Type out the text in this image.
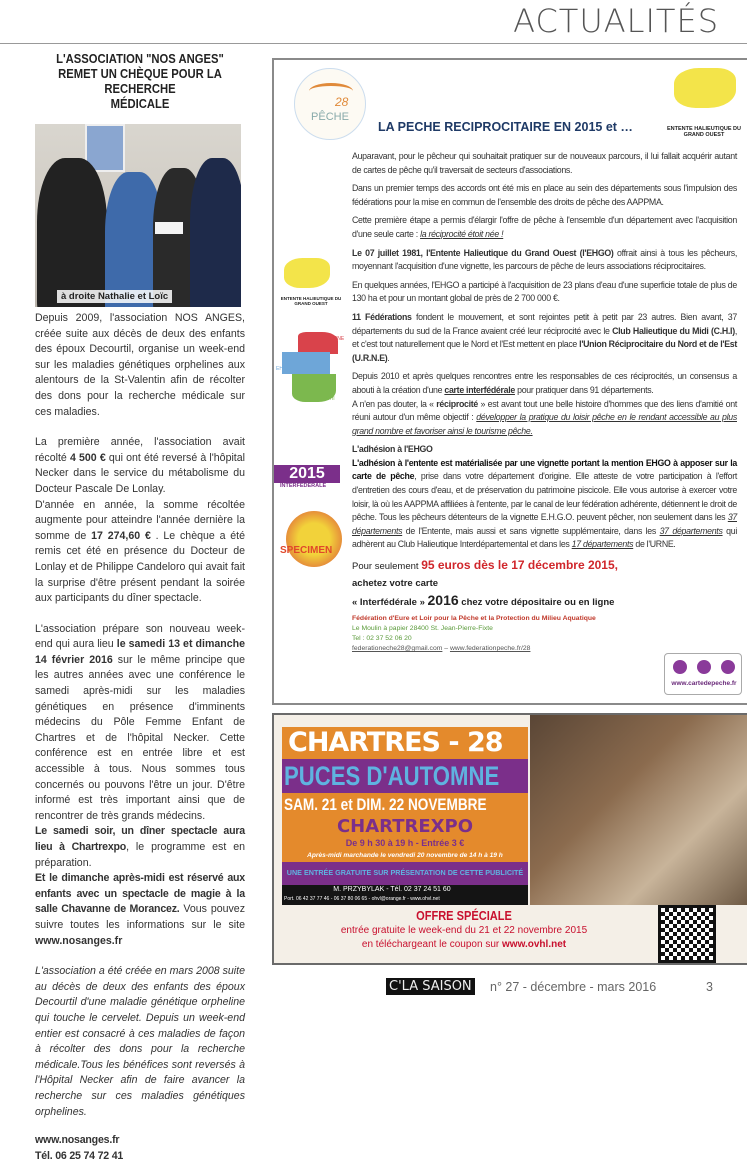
ACTUALITÉS
L'ASSOCIATION "NOS ANGES"
REMET UN CHÈQUE POUR LA RECHERCHE
MÉDICALE
à droite Nathalie et Loïc

Depuis 2009, l'association NOS ANGES, créée suite aux décès de deux des enfants des époux Decourtil, organise un week-end sur les maladies génétiques orphelines aux alentours de la St-Valentin afin de récolter des dons pour la recherche médicale sur ces maladies.

La première année, l'association avait récolté 4 500 € qui ont été reversé à l'hôpital Necker dans le service du métabolisme du Docteur Pascale De Lonlay.

D'année en année, la somme récoltée augmente pour atteindre l'année dernière la somme de 17 274,60 € . Le chèque a été remis cet été en présence du Docteur de Lonlay et de Philippe Candeloro qui avait fait la surprise d'être présent pendant la soirée aux participants du dîner spectacle.

L'association prépare son nouveau week-end qui aura lieu le samedi 13 et dimanche 14 février 2016 sur le même principe que les autres années avec une conférence le samedi après-midi sur les maladies génétiques en présence d'imminents médecins du Pôle Femme Enfant de Chartres et de l'hôpital Necker. Cette conférence est en entrée libre et est accessible à tous. Nous sommes tous concernés ou pouvons l'être un jour. D'être informé est très important ainsi que de rencontrer de très grands médecins.

Le samedi soir, un dîner spectacle aura lieu à Chartrexpo, le programme est en préparation.

Et le dimanche après-midi est réservé aux enfants avec un spectacle de magie à la salle Chavanne de Morancez. Vous pouvez suivre toutes les informations sur le site www.nosanges.fr

L'association a été créée en mars 2008 suite au décès de deux des enfants des époux Decourtil d'une maladie génétique orpheline qui touche le cervelet. Depuis un week-end entier est consacré à ces maladies de façon à récolter des dons pour la recherche médicale.Tous les bénéfices sont reversés à l'Hôpital Necker afin de faire avancer la recherche sur ces maladies génétiques orphelines.

www.nosanges.fr

Tél. 06 25 74 72 41

28
PÊCHE
ENTENTE HALIEUTIQUE DU GRAND OUEST
LA PECHE RECIPROCITAIRE EN 2015 et …
ENTENTE HALIEUTIQUE DU GRAND OUEST
URNE
EHGO
CHI
2015
INTERFÉDÉRALE
SPECIMEN
Auparavant, pour le pêcheur qui souhaitait pratiquer sur de nouveaux parcours, il lui fallait acquérir autant de cartes de pêche qu'il traversait de secteurs d'associations.
Dans un premier temps des accords ont été mis en place au sein des départements sous l'impulsion des fédérations pour la mise en commun de l'ensemble des droits de pêche des AAPPMA.
Cette première étape a permis d'élargir l'offre de pêche à l'ensemble d'un département avec l'acquisition d'une seule carte : la réciprocité étoit née !
Le 07 juillet 1981, l'Entente Halieutique du Grand Ouest (l'EHGO) offrait ainsi à tous les pêcheurs, moyennant l'acquisition d'une vignette, les parcours de pêche de leurs associations réciprocitaires.
En quelques années, l'EHGO a participé à l'acquisition de 23 plans d'eau d'une superficie totale de plus de 130 ha et pour un montant global de près de 2 700 000 €.
11 Fédérations fondent le mouvement, et sont rejointes petit à petit par 23 autres. Bien avant, 37 départements du sud de la France avaient créé leur réciprocité avec le Club Halieutique du Midi (C.H.I), et c'est tout naturellement que le Nord et l'Est mettent en place l'Union Réciprocitaire du Nord et de l'Est (U.R.N.E).
Depuis 2010 et après quelques rencontres entre les responsables de ces réciprocités, un consensus a abouti à la création d'une carte interfédérale pour pratiquer dans 91 départements.
A n'en pas douter, la « réciprocité » est avant tout une belle histoire d'hommes que des liens d'amitié ont réuni autour d'un même objectif : développer la pratique du loisir pêche en le rendant accessible au plus grand nombre et favoriser ainsi le tourisme pêche.
L'adhésion à l'EHGO
L'adhésion à l'entente est matérialisée par une vignette portant la mention EHGO à apposer sur la carte de pêche, prise dans votre département d'origine. Elle atteste de votre participation à l'effort d'entretien des cours d'eau, et de préservation du patrimoine piscicole. Elle vous autorise à exercer votre loisir, là où les AAPPMA affiliées à l'entente, par le canal de leur fédération adhérente, détiennent le droit de pêche. Tous les pêcheurs détenteurs de la vignette E.H.G.O. peuvent pêcher, non seulement dans les 37 départements de l'Entente, mais aussi et sans vignette supplémentaire, dans les 37 départements qui adhèrent au Club Halieutique Interdépartemental et dans les 17 départements de l'URNE.
Pour seulement 95 euros dès le 17 décembre 2015, achetez votre carte
« Interfédérale » 2016 chez votre dépositaire ou en ligne
Fédération d'Eure et Loir pour la Pêche et la Protection du Milieu Aquatique
Le Moulin à papier 28400 St. Jean-Pierre-Fixte
Tel : 02 37 52 06 20
federationeche28@gmail.com – www.federationpeche.fr/28
www.cartedepeche.fr
CHARTRES - 28
PUCES D'AUTOMNE
SAM. 21 et DIM. 22 NOVEMBRE
CHARTREXPO
De 9 h 30 à 19 h - Entrée 3 €
Après-midi marchande le vendredi 20 novembre de 14 h à 19 h
UNE ENTRÉE GRATUITE SUR PRÉSENTATION DE CETTE PUBLICITÉ
M. PRZYBYLAK - Tél. 02 37 24 51 60
Port. 06 42 37 77 46 - 06 37 80 06 65 - ohvl@orange.fr - www.ohvl.net
OFFRE SPÉCIALE
entrée gratuite le week-end du 21 et 22 novembre 2015
en téléchargeant le coupon sur www.ovhl.net
C'LA SAISON n° 27 - décembre - mars 2016	3
